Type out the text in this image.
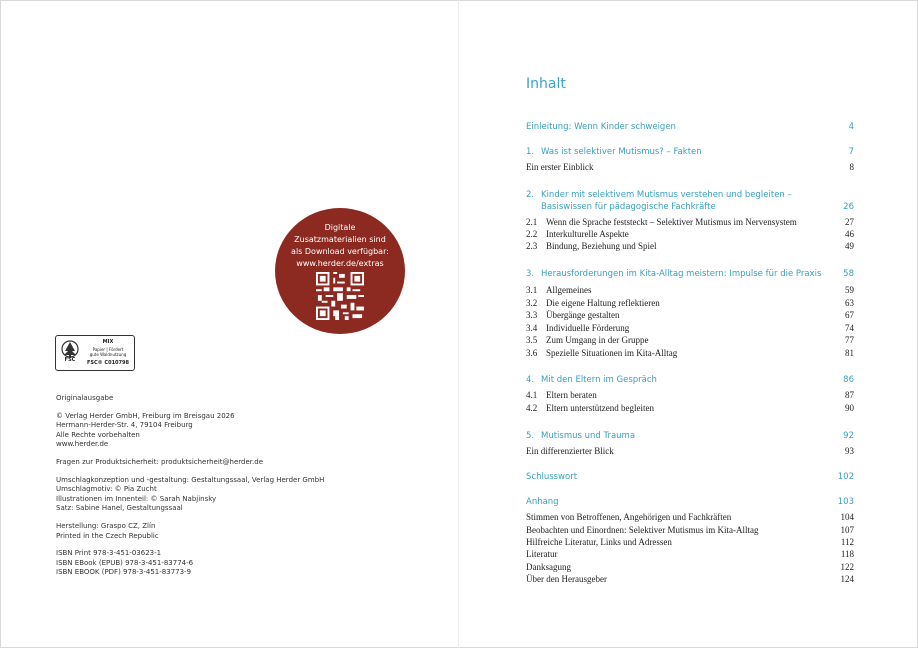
Digitale
Zusatzmaterialien sind
als Download verfügbar:
www.herder.de/extras
FSC
MIX
Papier | Fördert
gute Waldnutzung
FSC® C010798
Originalausgabe
© Verlag Herder GmbH, Freiburg im Breisgau 2026
Hermann-Herder-Str. 4, 79104 Freiburg
Alle Rechte vorbehalten
www.herder.de
Fragen zur Produktsicherheit: produktsicherheit@herder.de
Umschlagkonzeption und -gestaltung: Gestaltungssaal, Verlag Herder GmbH
Umschlagmotiv: © Pia Zucht
Illustrationen im Innenteil: © Sarah Nabjinsky
Satz: Sabine Hanel, Gestaltungssaal
Herstellung: Graspo CZ, Zlín
Printed in the Czech Republic
ISBN Print 978-3-451-03623-1
ISBN EBook (EPUB) 978-3-451-83774-6
ISBN EBOOK (PDF) 978-3-451-83773-9
Inhalt
Einleitung: Wenn Kinder schweigen	4
1. Was ist selektiver Mutismus? – Fakten	7
Ein erster Einblick	8
2. Kinder mit selektivem Mutismus verstehen und begleiten –
Basiswissen für pädagogische Fachkräfte	26
2.1 Wenn die Sprache feststeckt – Selektiver Mutismus im Nervensystem	27
2.2 Interkulturelle Aspekte	46
2.3 Bindung, Beziehung und Spiel	49
3. Herausforderungen im Kita-Alltag meistern: Impulse für die Praxis	58
3.1 Allgemeines	59
3.2 Die eigene Haltung reflektieren	63
3.3 Übergänge gestalten	67
3.4 Individuelle Förderung	74
3.5 Zum Umgang in der Gruppe	77
3.6 Spezielle Situationen im Kita-Alltag	81
4. Mit den Eltern im Gespräch	86
4.1 Eltern beraten	87
4.2 Eltern unterstützend begleiten	90
5. Mutismus und Trauma	92
Ein differenzierter Blick	93
Schlusswort	102
Anhang	103
Stimmen von Betroffenen, Angehörigen und Fachkräften	104
Beobachten und Einordnen: Selektiver Mutismus im Kita-Alltag	107
Hilfreiche Literatur, Links und Adressen	112
Literatur	118
Danksagung	122
Über den Herausgeber	124
